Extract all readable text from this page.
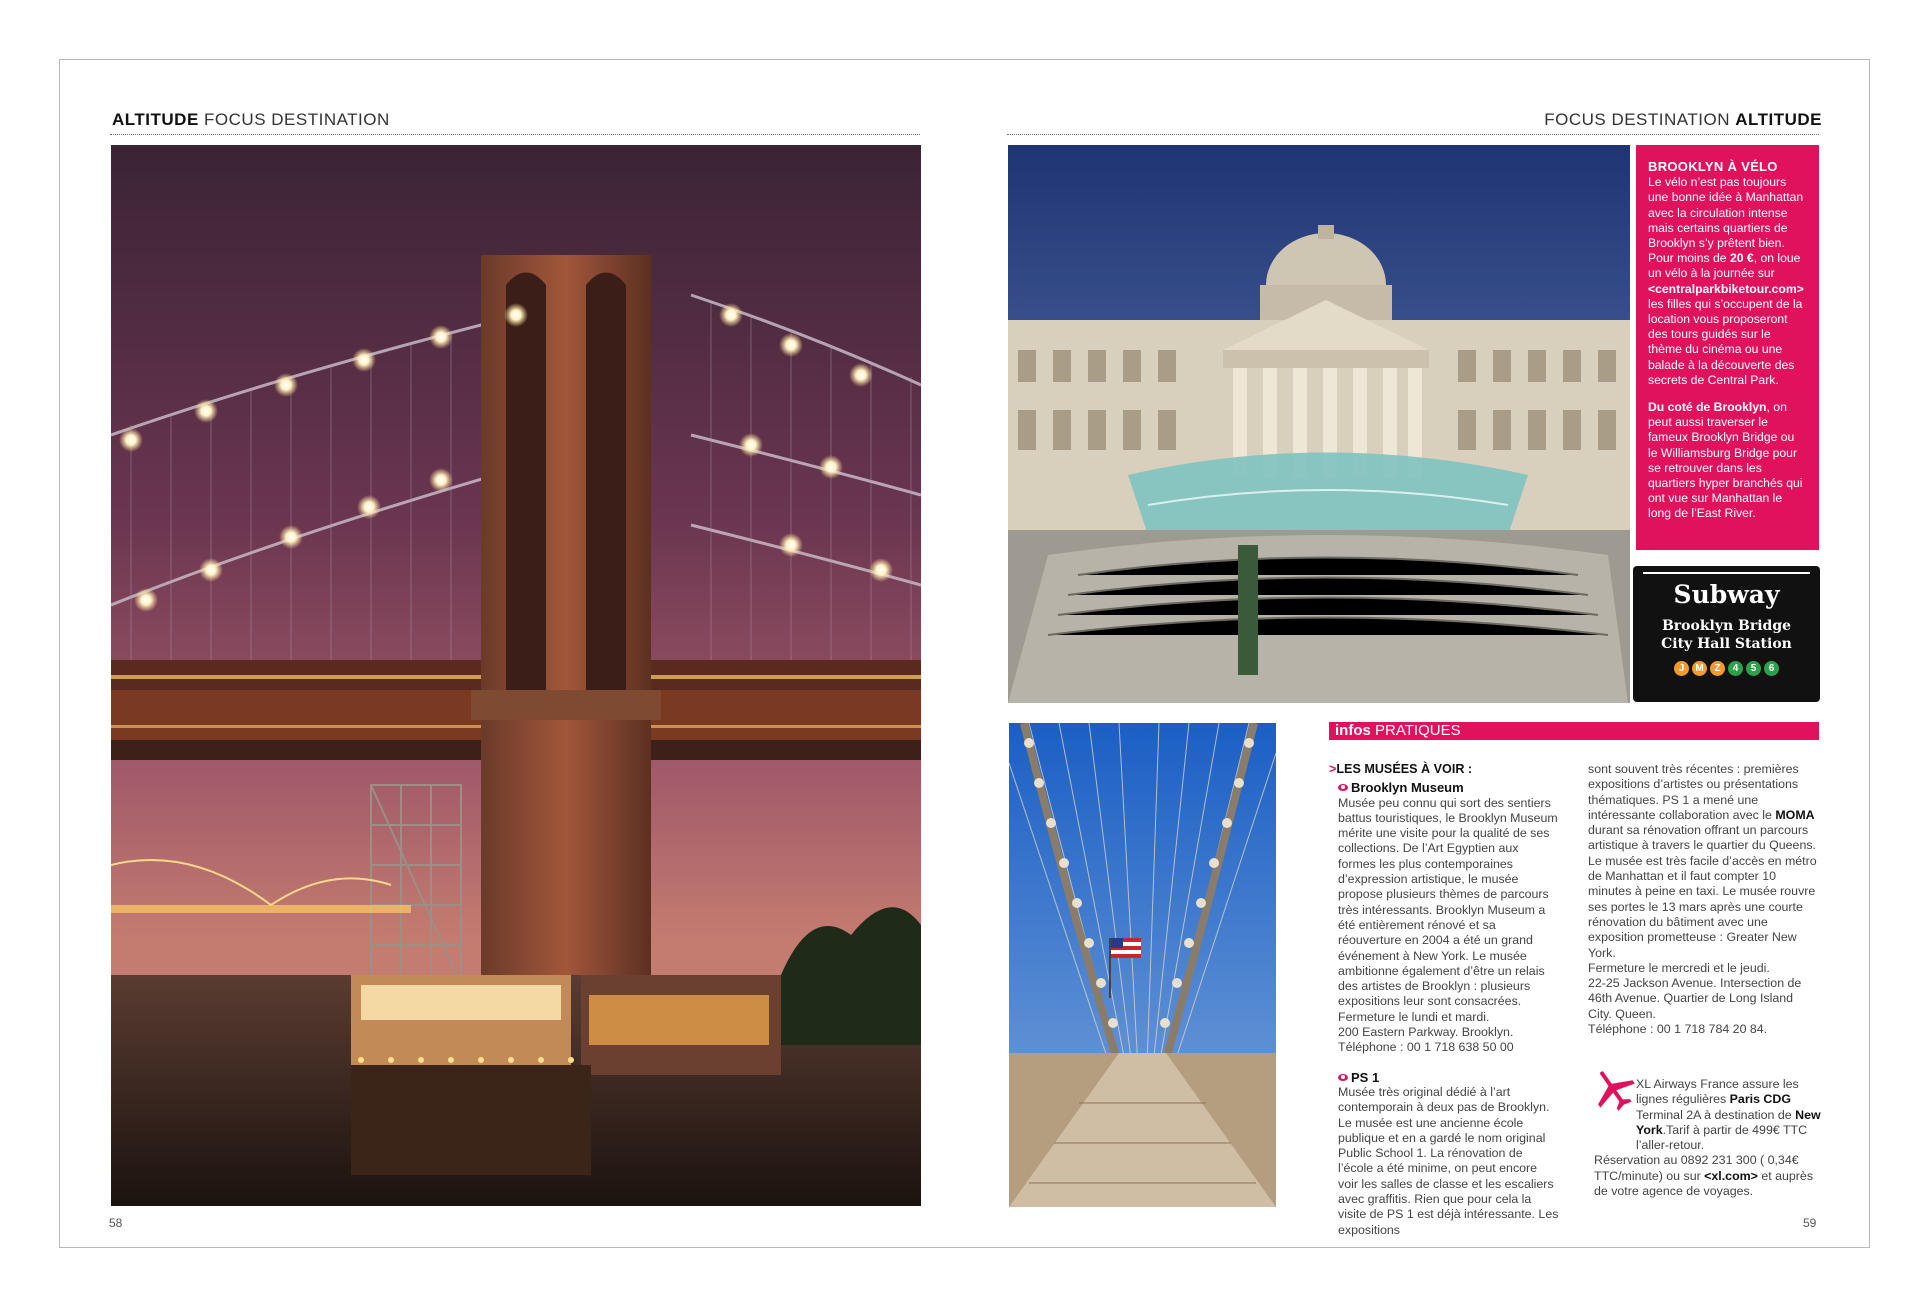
ALTITUDE FOCUS DESTINATION	FOCUS DESTINATION ALTITUDE
BROOKLYN À VÉLO

Le vélo n’est pas toujours une bonne idée à Manhattan avec la circulation intense mais certains quartiers de Brooklyn s’y prêtent bien. Pour moins de 20 €, on loue un vélo à la journée sur <centralparkbiketour.com> les filles qui s’occupent de la location vous proposeront des tours guidés sur le thème du cinéma ou une balade à la découverte des secrets de Central Park.

Du coté de Brooklyn, on peut aussi traverser le fameux Brooklyn Bridge ou le Williamsburg Bridge pour se retrouver dans les quartiers hyper branchés qui ont vue sur Manhattan le long de l’East River.

Subway
Brooklyn Bridge
City Hall Station
J	M	Z	4	5	6
infos PRATIQUES
>LES MUSÉES À VOIR :
Brooklyn Museum

Musée peu connu qui sort des sentiers battus touristiques, le Brooklyn Museum mérite une visite pour la qualité de ses collections. De l’Art Egyptien aux formes les plus contemporaines d’expression artistique, le musée propose plusieurs thèmes de parcours très intéressants. Brooklyn Museum a été entièrement rénové et sa réouverture en 2004 a été un grand événement à New York. Le musée ambitionne également d’être un relais des artistes de Brooklyn : plusieurs expositions leur sont consacrées.

Fermeture le lundi et mardi.

200 Eastern Parkway. Brooklyn.

Téléphone : 00 1 718 638 50 00

PS 1

Musée très original dédié à l’art contemporain à deux pas de Brooklyn. Le musée est une ancienne école publique et en a gardé le nom original Public School 1. La rénovation de l’école a été minime, on peut encore voir les salles de classe et les escaliers avec graffitis. Rien que pour cela la visite de PS 1 est déjà intéressante. Les expositions

sont souvent très récentes : premières expositions d’artistes ou présentations thématiques. PS 1 a mené une intéressante collaboration avec le MOMA durant sa rénovation offrant un parcours artistique à travers le quartier du Queens. Le musée est très facile d’accès en métro de Manhattan et il faut compter 10 minutes à peine en taxi. Le musée rouvre ses portes le 13 mars après une courte rénovation du bâtiment avec une exposition prometteuse : Greater New York.

Fermeture le mercredi et le jeudi.

22-25 Jackson Avenue. Intersection de 46th Avenue. Quartier de Long Island City. Queen.

Téléphone : 00 1 718 784 20 84.

XL Airways France assure les lignes régulières Paris CDG Terminal 2A à destination de New York.Tarif à partir de 499€ TTC l’aller-retour.

Réservation au 0892 231 300 ( 0,34€ TTC/minute) ou sur <xl.com> et auprès de votre agence de voyages.

58	59
